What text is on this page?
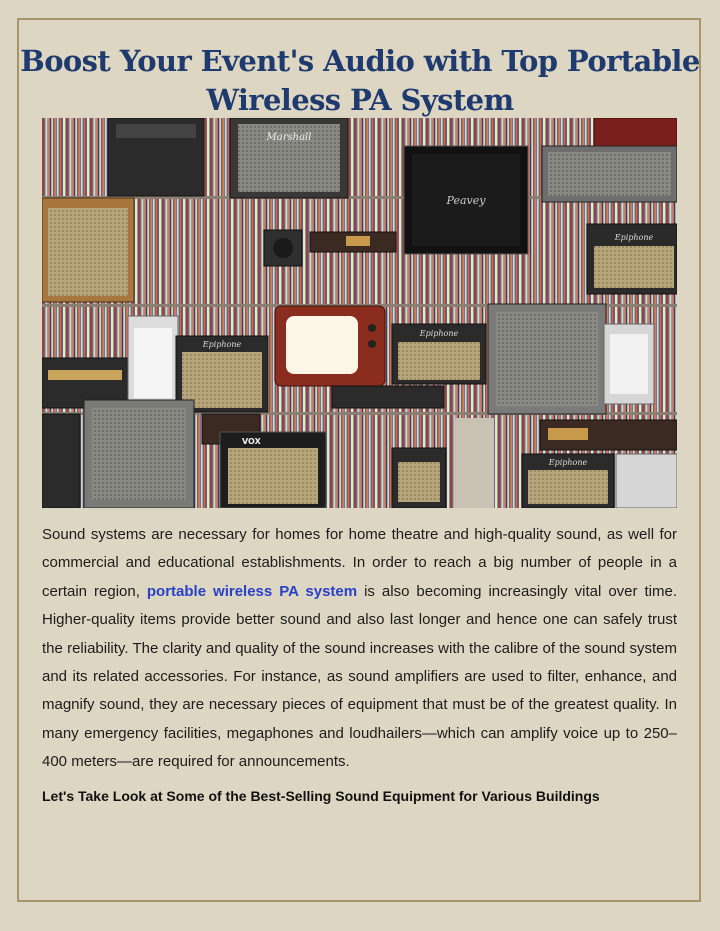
Boost Your Event's Audio with Top Portable Wireless PA System
Marshall
Peavey
Epiphone
Epiphone
Epiphone
VOX
Epiphone

Sound systems are necessary for homes for home theatre and high-quality sound, as well for commercial and educational establishments. In order to reach a big number of people in a certain region, portable wireless PA system is also becoming increasingly vital over time. Higher-quality items provide better sound and also last longer and hence one can safely trust the reliability. The clarity and quality of the sound increases with the calibre of the sound system and its related accessories. For instance, as sound amplifiers are used to filter, enhance, and magnify sound, they are necessary pieces of equipment that must be of the greatest quality. In many emergency facilities, megaphones and loudhailers—which can amplify voice up to 250–400 meters—are required for announcements.

Let's Take Look at Some of the Best-Selling Sound Equipment for Various Buildings
